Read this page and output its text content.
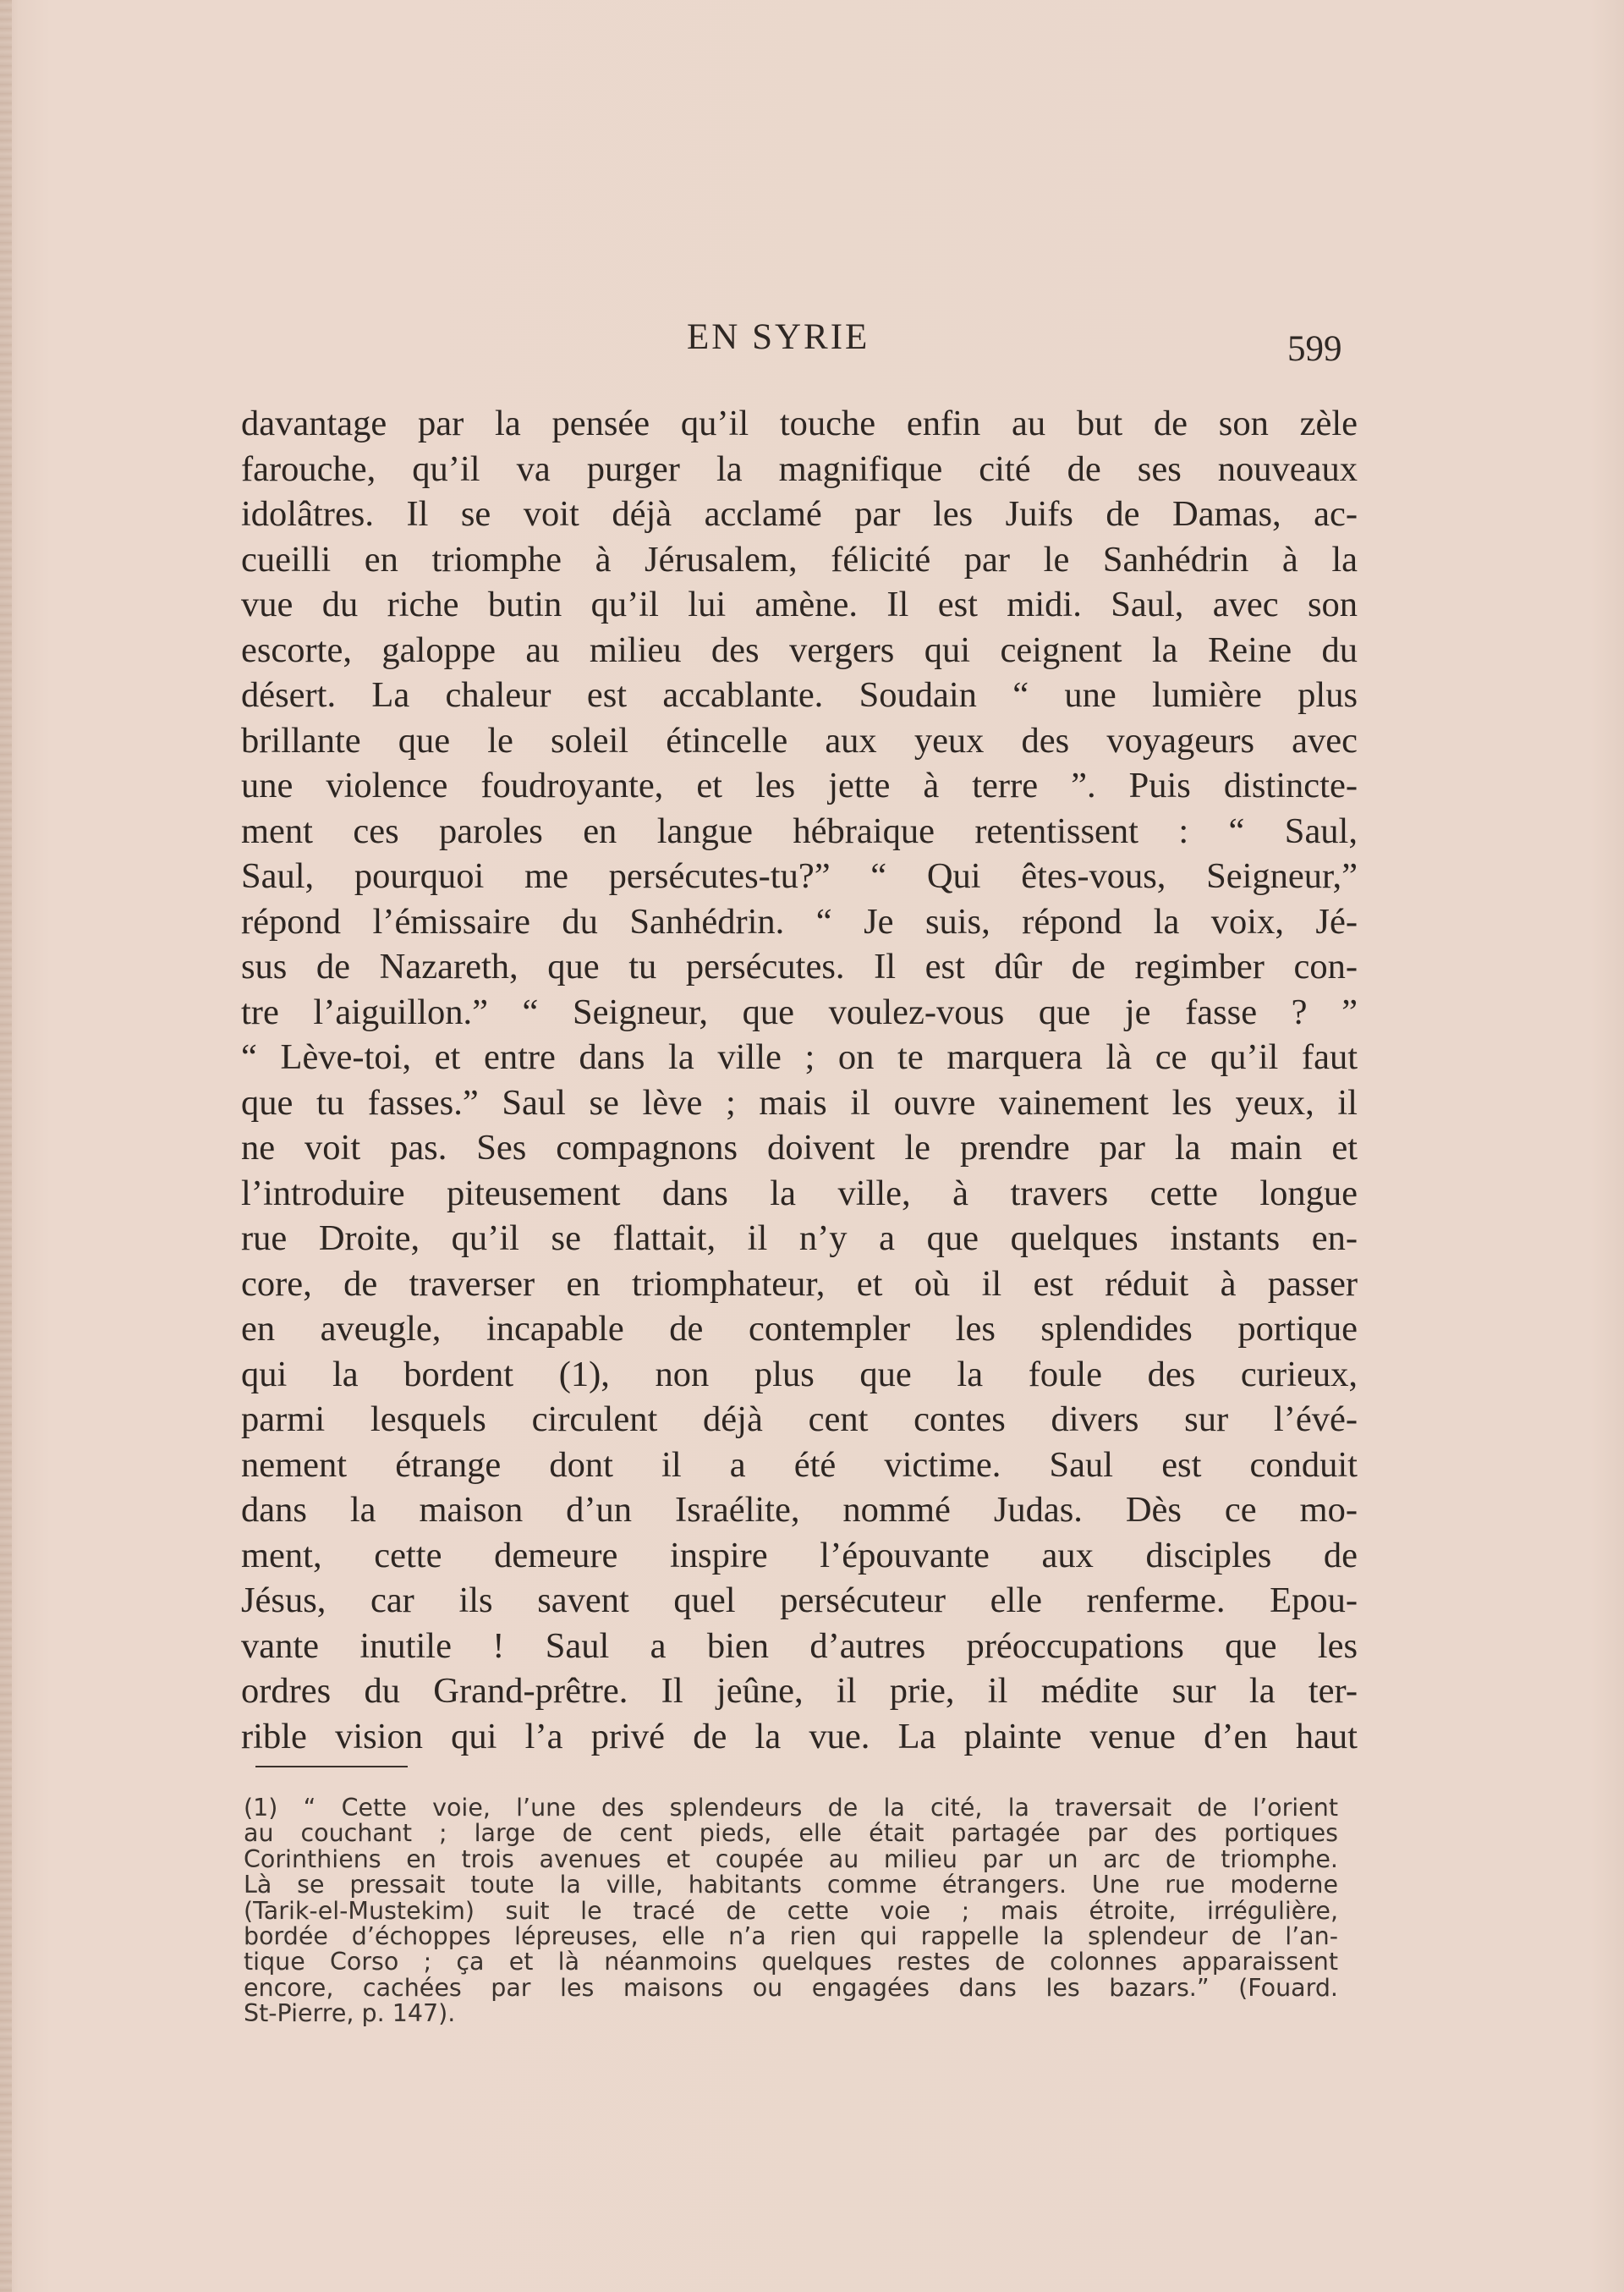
EN SYRIE	599
davantage par la pensée qu’il touche enfin au but de son zèle
farouche, qu’il va purger la magnifique cité de ses nouveaux
idolâtres. Il se voit déjà acclamé par les Juifs de Damas, ac-
cueilli en triomphe à Jérusalem, félicité par le Sanhédrin à la
vue du riche butin qu’il lui amène. Il est midi. Saul, avec son
escorte, galoppe au milieu des vergers qui ceignent la Reine du
désert. La chaleur est accablante. Soudain “ une lumière plus
brillante que le soleil étincelle aux yeux des voyageurs avec
une violence foudroyante, et les jette à terre ”. Puis distincte-
ment ces paroles en langue hébraique retentissent : “ Saul,
Saul, pourquoi me persécutes-tu?” “ Qui êtes-vous, Seigneur,”
répond l’émissaire du Sanhédrin. “ Je suis, répond la voix, Jé-
sus de Nazareth, que tu persécutes. Il est dûr de regimber con-
tre l’aiguillon.” “ Seigneur, que voulez-vous que je fasse ? ”
“ Lève-toi, et entre dans la ville ; on te marquera là ce qu’il faut
que tu fasses.” Saul se lève ; mais il ouvre vainement les yeux, il
ne voit pas. Ses compagnons doivent le prendre par la main et
l’introduire piteusement dans la ville, à travers cette longue
rue Droite, qu’il se flattait, il n’y a que quelques instants en-
core, de traverser en triomphateur, et où il est réduit à passer
en aveugle, incapable de contempler les splendides portique
qui la bordent (1), non plus que la foule des curieux,
parmi lesquels circulent déjà cent contes divers sur l’évé-
nement étrange dont il a été victime. Saul est conduit
dans la maison d’un Israélite, nommé Judas. Dès ce mo-
ment, cette demeure inspire l’épouvante aux disciples de
Jésus, car ils savent quel persécuteur elle renferme. Epou-
vante inutile ! Saul a bien d’autres préoccupations que les
ordres du Grand-prêtre. Il jeûne, il prie, il médite sur la ter-
rible vision qui l’a privé de la vue. La plainte venue d’en haut
(1) “ Cette voie, l’une des splendeurs de la cité, la traversait de l’orient
au couchant ; large de cent pieds, elle était partagée par des portiques
Corinthiens en trois avenues et coupée au milieu par un arc de triomphe.
Là se pressait toute la ville, habitants comme étrangers. Une rue moderne
(Tarik-el-Mustekim) suit le tracé de cette voie ; mais étroite, irrégulière,
bordée d’échoppes lépreuses, elle n’a rien qui rappelle la splendeur de l’an-
tique Corso ; ça et là néanmoins quelques restes de colonnes apparaissent
encore, cachées par les maisons ou engagées dans les bazars.” (Fouard.
St-Pierre, p. 147).
